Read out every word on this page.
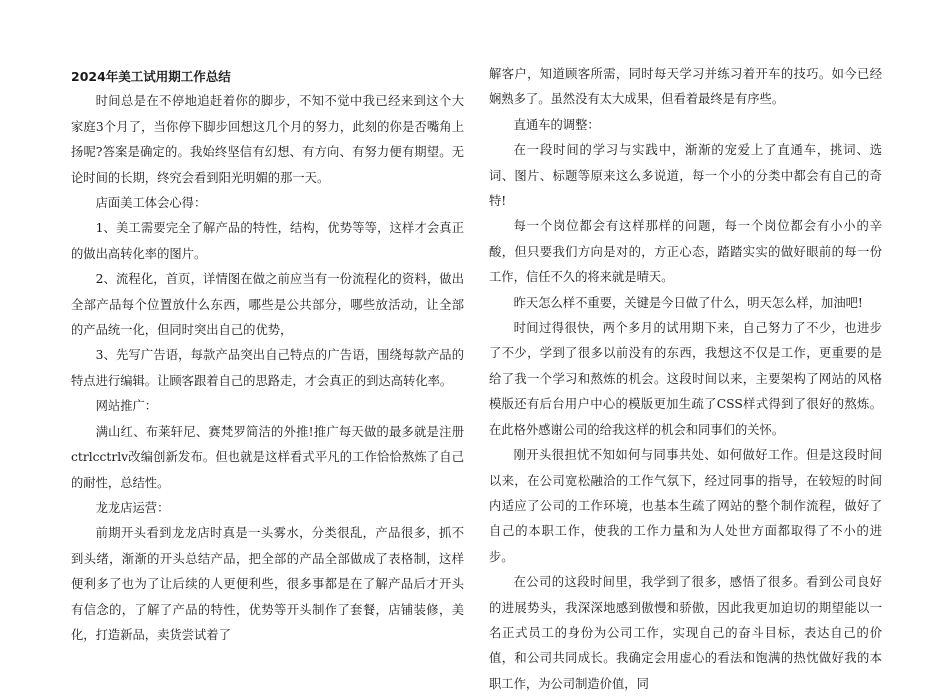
2024年美工试用期工作总结

时间总是在不停地追赶着你的脚步，不知不觉中我已经来到这个大家庭3个月了，当你停下脚步回想这几个月的努力，此刻的你是否嘴角上扬呢?答案是确定的。我始终坚信有幻想、有方向、有努力便有期望。无论时间的长期，终究会看到阳光明媚的那一天。

店面美工体会心得：

1、美工需要完全了解产品的特性，结构，优势等等，这样才会真正的做出高转化率的图片。

2、流程化，首页，详情图在做之前应当有一份流程化的资料，做出全部产品每个位置放什么东西，哪些是公共部分，哪些放活动，让全部的产品统一化，但同时突出自己的优势，

3、先写广告语，每款产品突出自己特点的广告语，围绕每款产品的特点进行编辑。让顾客跟着自己的思路走，才会真正的到达高转化率。

网站推广：

满山红、布莱轩尼、赛梵罗简洁的外推!推广每天做的最多就是注册ctrlcctrlv改编创新发布。但也就是这样看式平凡的工作恰恰熬炼了自己的耐性，总结性。

龙龙店运营：

前期开头看到龙龙店时真是一头雾水，分类很乱，产品很多，抓不到头绪，渐渐的开头总结产品，把全部的产品全部做成了表格制，这样便利多了也为了让后续的人更便利些，很多事都是在了解产品后才开头有信念的，了解了产品的特性，优势等开头制作了套餐，店铺装修，美化，打造新品，卖货尝试着了

解客户，知道顾客所需，同时每天学习并练习着开车的技巧。如今已经娴熟多了。虽然没有太大成果，但看着最终是有序些。

直通车的调整：

在一段时间的学习与实践中，渐渐的宠爱上了直通车，挑词、选词、图片、标题等原来这么多说道，每一个小的分类中都会有自己的奇特!

每一个岗位都会有这样那样的问题，每一个岗位都会有小小的辛酸，但只要我们方向是对的，方正心态，踏踏实实的做好眼前的每一份工作，信任不久的将来就是晴天。

昨天怎么样不重要，关键是今日做了什么，明天怎么样，加油吧!

时间过得很快，两个多月的试用期下来，自己努力了不少，也进步了不少，学到了很多以前没有的东西，我想这不仅是工作，更重要的是给了我一个学习和熬炼的机会。这段时间以来，主要架构了网站的风格模版还有后台用户中心的模版更加生疏了CSS样式得到了很好的熬炼。在此格外感谢公司的给我这样的机会和同事们的关怀。

刚开头很担忧不知如何与同事共处、如何做好工作。但是这段时间以来，在公司宽松融洽的工作气氛下，经过同事的指导，在较短的时间内适应了公司的工作环境，也基本生疏了网站的整个制作流程，做好了自己的本职工作，使我的工作力量和为人处世方面都取得了不小的进步。

在公司的这段时间里，我学到了很多，感悟了很多。看到公司良好的进展势头，我深深地感到傲慢和骄傲，因此我更加迫切的期望能以一名正式员工的身份为公司工作，实现自己的奋斗目标，表达自己的价值，和公司共同成长。我确定会用虚心的看法和饱满的热忱做好我的本职工作，为公司制造价值，同
